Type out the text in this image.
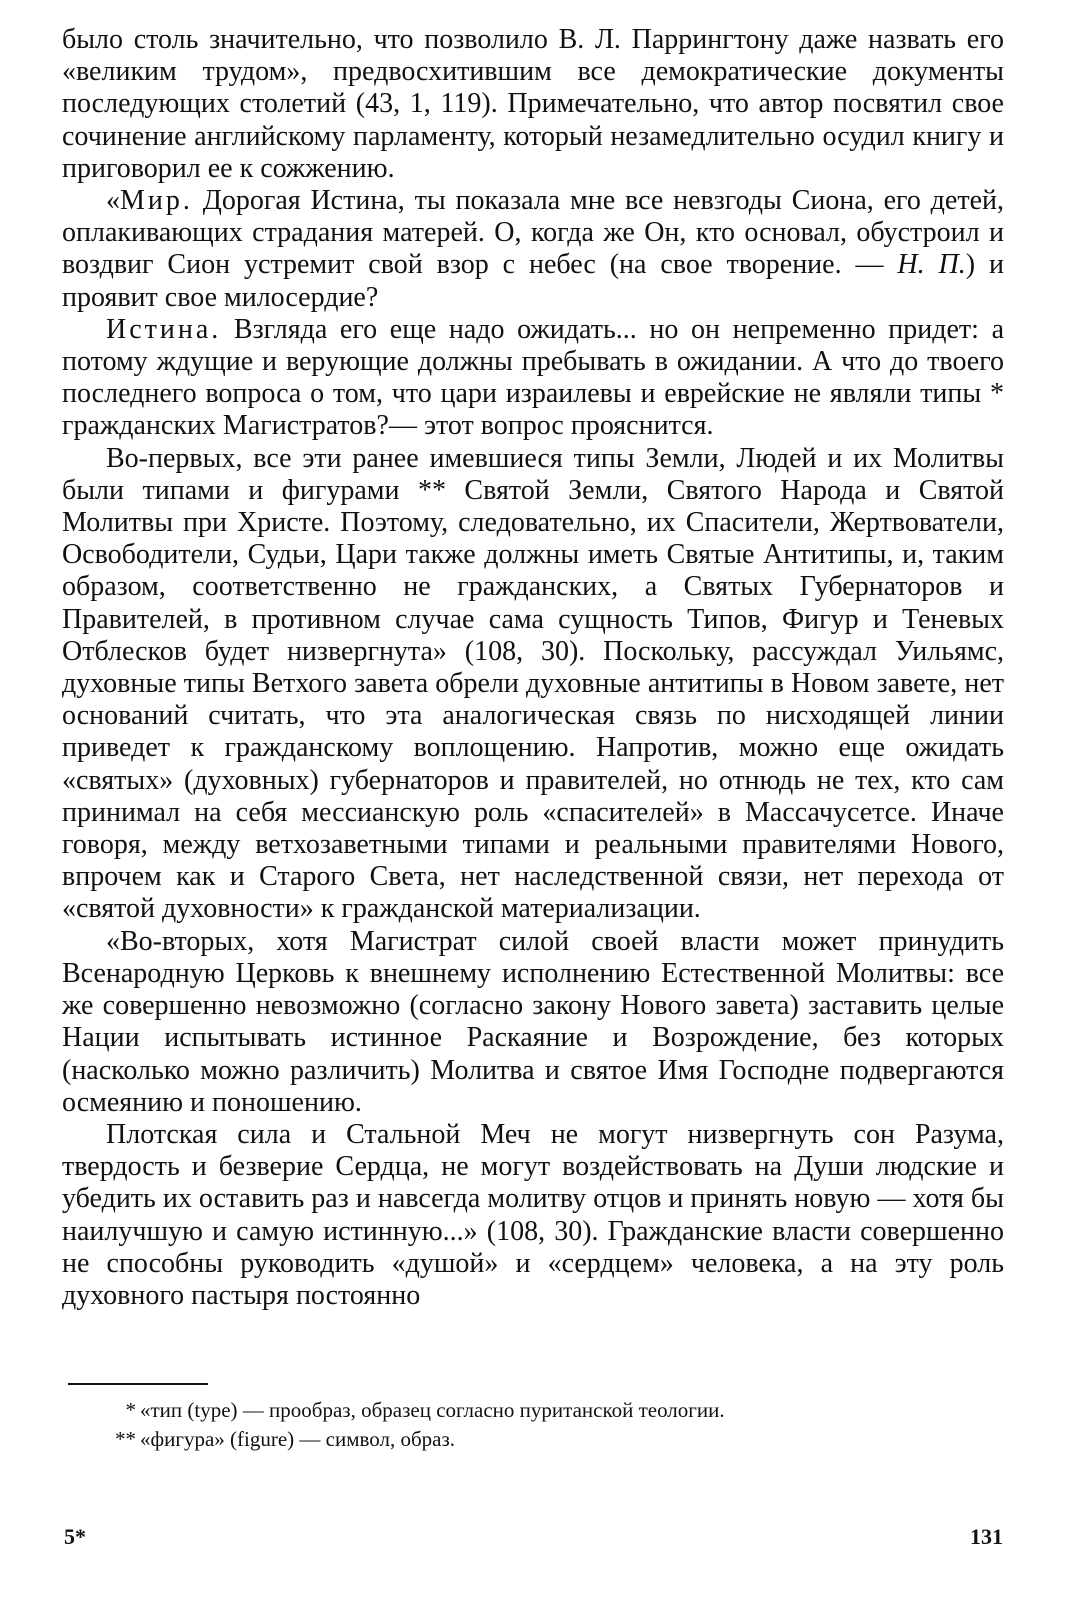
было столь значительно, что позволило В. Л. Паррингтону даже назвать его «великим трудом», предвосхитившим все демократические документы последующих столетий (43, 1, 119). Примечательно, что автор посвятил свое сочинение английскому парламенту, который незамедлительно осудил книгу и приговорил ее к сожжению.

«Мир. Дорогая Истина, ты показала мне все невзгоды Сиона, его детей, оплакивающих страдания матерей. О, когда же Он, кто основал, обустроил и воздвиг Сион устремит свой взор с небес (на свое творение. — Н. П.) и проявит свое милосердие?

Истина. Взгляда его еще надо ожидать... но он непременно придет: а потому ждущие и верующие должны пребывать в ожидании. А что до твоего последнего вопроса о том, что цари израилевы и еврейские не являли типы * гражданских Магистратов?— этот вопрос прояснится.

Во-первых, все эти ранее имевшиеся типы Земли, Людей и их Молитвы были типами и фигурами ** Святой Земли, Святого Народа и Святой Молитвы при Христе. Поэтому, следовательно, их Спасители, Жертвователи, Освободители, Судьи, Цари также должны иметь Святые Антитипы, и, таким образом, соответственно не гражданских, а Святых Губернаторов и Правителей, в противном случае сама сущность Типов, Фигур и Теневых Отблесков будет низвергнута» (108, 30). Поскольку, рассуждал Уильямс, духовные типы Ветхого завета обрели духовные антитипы в Новом завете, нет оснований считать, что эта аналогическая связь по нисходящей линии приведет к гражданскому воплощению. Напротив, можно еще ожидать «святых» (духовных) губернаторов и правителей, но отнюдь не тех, кто сам принимал на себя мессианскую роль «спасителей» в Массачусетсе. Иначе говоря, между ветхозаветными типами и реальными правителями Нового, впрочем как и Старого Света, нет наследственной связи, нет перехода от «святой духовности» к гражданской материализации.

«Во-вторых, хотя Магистрат силой своей власти может принудить Всенародную Церковь к внешнему исполнению Естественной Молитвы: все же совершенно невозможно (согласно закону Нового завета) заставить целые Нации испытывать истинное Раскаяние и Возрождение, без которых (насколько можно различить) Молитва и святое Имя Господне подвергаются осмеянию и поношению.

Плотская сила и Стальной Меч не могут низвергнуть сон Разума, твердость и безверие Сердца, не могут воздействовать на Души людские и убедить их оставить раз и навсегда молитву отцов и принять новую — хотя бы наилучшую и самую истинную...» (108, 30). Гражданские власти совершенно не способны руководить «душой» и «сердцем» человека, а на эту роль духовного пастыря постоянно

* «тип (type) — прообраз, образец согласно пуританской теологии.

** «фигура» (figure) — символ, образ.

5*	131
